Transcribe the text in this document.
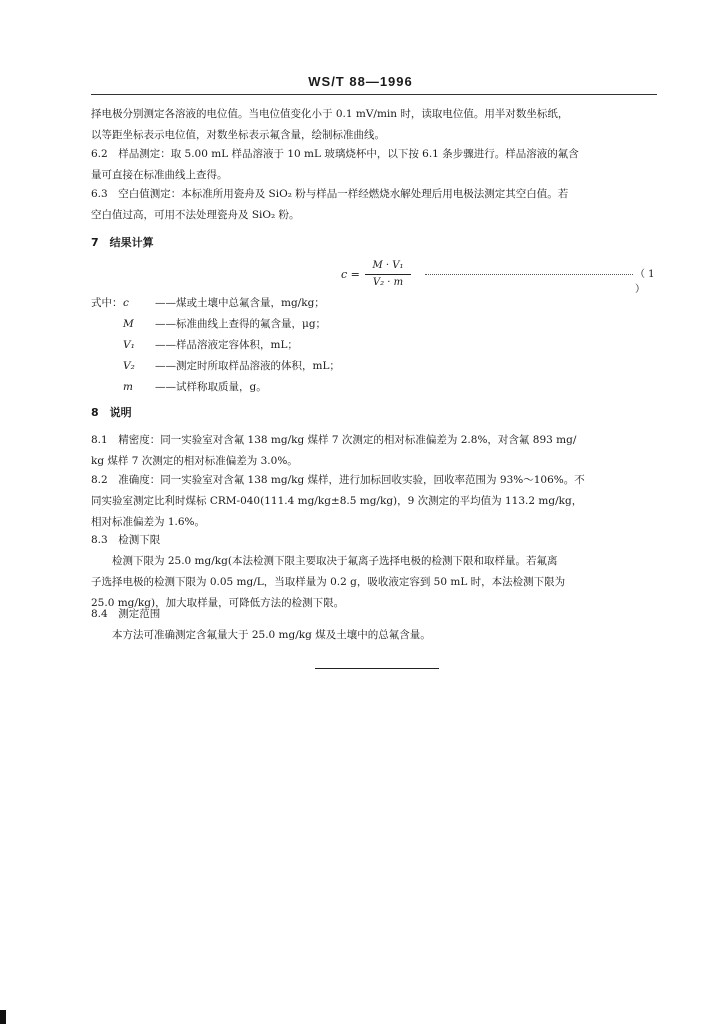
WS/T 88—1996
择电极分别测定各溶液的电位值。当电位值变化小于 0.1 mV/min 时，读取电位值。用半对数坐标纸，
以等距坐标表示电位值，对数坐标表示氟含量，绘制标准曲线。
6.2　样品测定：取 5.00 mL 样品溶液于 10 mL 玻璃烧杯中，以下按 6.1 条步骤进行。样品溶液的氟含
量可直接在标准曲线上查得。
6.3　空白值测定：本标准所用瓷舟及 SiO₂ 粉与样品一样经燃烧水解处理后用电极法测定其空白值。若
空白值过高，可用不法处理瓷舟及 SiO₂ 粉。
7　结果计算
c =
M · V₁
V₂ · m
（ 1 ）
式中：c ——煤或土壤中总氟含量，mg/kg；
M ——标准曲线上查得的氟含量，μg；
V₁ ——样品溶液定容体积，mL；
V₂ ——测定时所取样品溶液的体积，mL；
m ——试样称取质量，g。
8　说明
8.1　精密度：同一实验室对含氟 138 mg/kg 煤样 7 次测定的相对标准偏差为 2.8%，对含氟 893 mg/
kg 煤样 7 次测定的相对标准偏差为 3.0%。
8.2　准确度：同一实验室对含氟 138 mg/kg 煤样，进行加标回收实验，回收率范围为 93%～106%。不
同实验室测定比利时煤标 CRM-040(111.4 mg/kg±8.5 mg/kg)，9 次测定的平均值为 113.2 mg/kg，
相对标准偏差为 1.6%。
8.3　检测下限
检测下限为 25.0 mg/kg(本法检测下限主要取决于氟离子选择电极的检测下限和取样量。若氟离
子选择电极的检测下限为 0.05 mg/L，当取样量为 0.2 g，吸收液定容到 50 mL 时，本法检测下限为
25.0 mg/kg)，加大取样量，可降低方法的检测下限。
8.4　测定范围
本方法可准确测定含氟量大于 25.0 mg/kg 煤及土壤中的总氟含量。
